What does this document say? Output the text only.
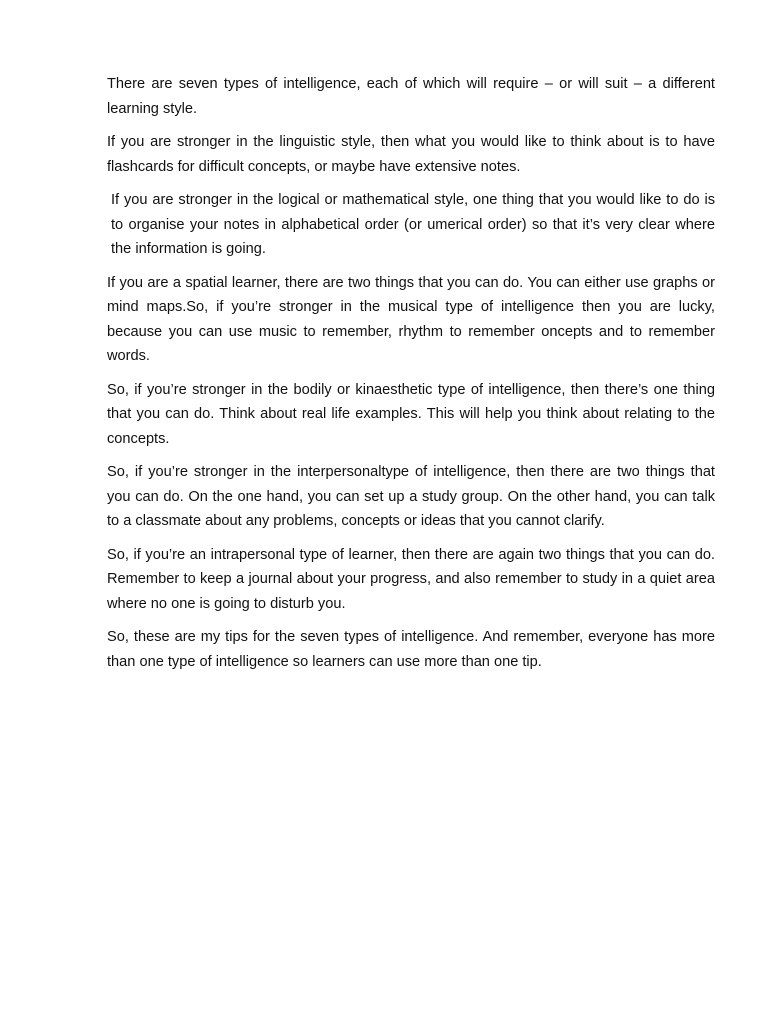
There are seven types of intelligence, each of which will require – or will suit – a different learning style.

If you are stronger in the linguistic style, then what you would like to think about is to have flashcards for difficult concepts, or maybe have extensive notes.

If you are stronger in the logical or mathematical style, one thing that you would like to do is to organise your notes in alphabetical order (or umerical order) so that it’s very clear where the information is going.

If you are a spatial learner, there are two things that you can do. You can either use graphs or mind maps.So, if you’re stronger in the musical type of intelligence then you are lucky, because you can use music to remember, rhythm to remember oncepts and to remember words.

So, if you’re stronger in the bodily or kinaesthetic type of intelligence, then there’s one thing that you can do. Think about real life examples. This will help you think about relating to the concepts.

So, if you’re stronger in the interpersonaltype of intelligence, then there are two things that you can do. On the one hand, you can set up a study group. On the other hand, you can talk to a classmate about any problems, concepts or ideas that you cannot clarify.

So, if you’re an intrapersonal type of learner, then there are again two things that you can do. Remember to keep a journal about your progress, and also remember to study in a quiet area where no one is going to disturb you.

So, these are my tips for the seven types of intelligence. And remember, everyone has more than one type of intelligence so learners can use more than one tip.
